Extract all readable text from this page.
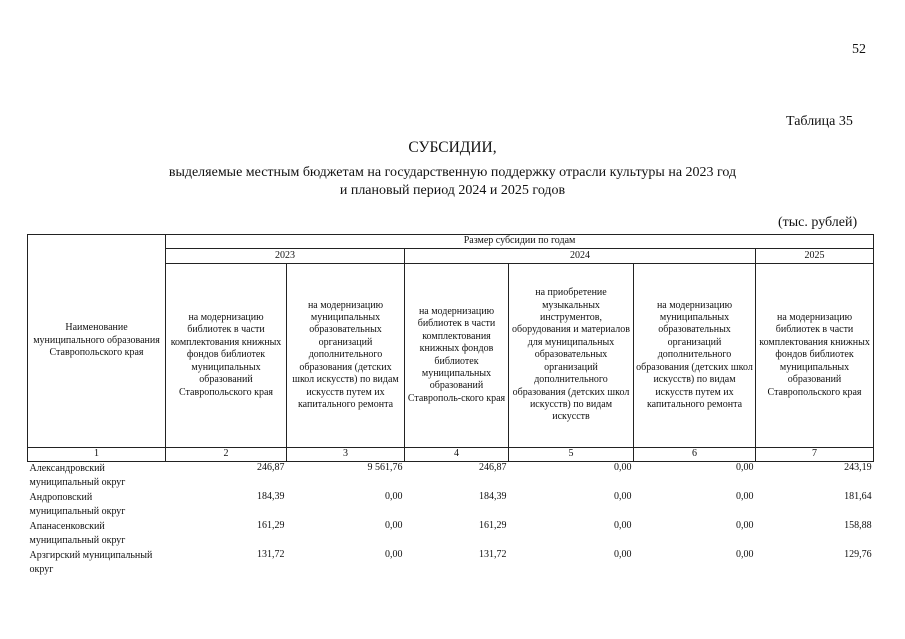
52
Таблица 35
СУБСИДИИ,
выделяемые местным бюджетам на государственную поддержку отрасли культуры на 2023 год
и плановый период 2024 и 2025 годов
(тыс. рублей)
Наименование муниципального образования Ставропольского края	Размер субсидии по годам					
	2023		2024			2025
	на модернизацию библиотек в части комплектования книжных фондов библиотек муниципальных образований Ставропольского края	на модернизацию муниципальных образовательных организаций дополнительного образования (детских школ искусств) по видам искусств путем их капитального ремонта	на модернизацию библиотек в части комплектования книжных фондов библиотек муниципальных образований Ставрополь-ского края	на приобретение музыкальных инструментов, оборудования и материалов для муниципальных образовательных организаций дополнительного образования (детских школ искусств) по видам искусств	на модернизацию муниципальных образовательных организаций дополнительного образования (детских школ искусств) по видам искусств путем их капитального ремонта	на модернизацию библиотек в части комплектования книжных фондов библиотек муниципальных образований Ставропольского края
1	2	3	4	5	6	7
Александровский муниципальный округ	246,87	9 561,76	246,87	0,00	0,00	243,19
Андроповский муниципальный округ	184,39	0,00	184,39	0,00	0,00	181,64
Апанасенковский муниципальный округ	161,29	0,00	161,29	0,00	0,00	158,88
Арзгирский муниципальный округ	131,72	0,00	131,72	0,00	0,00	129,76
